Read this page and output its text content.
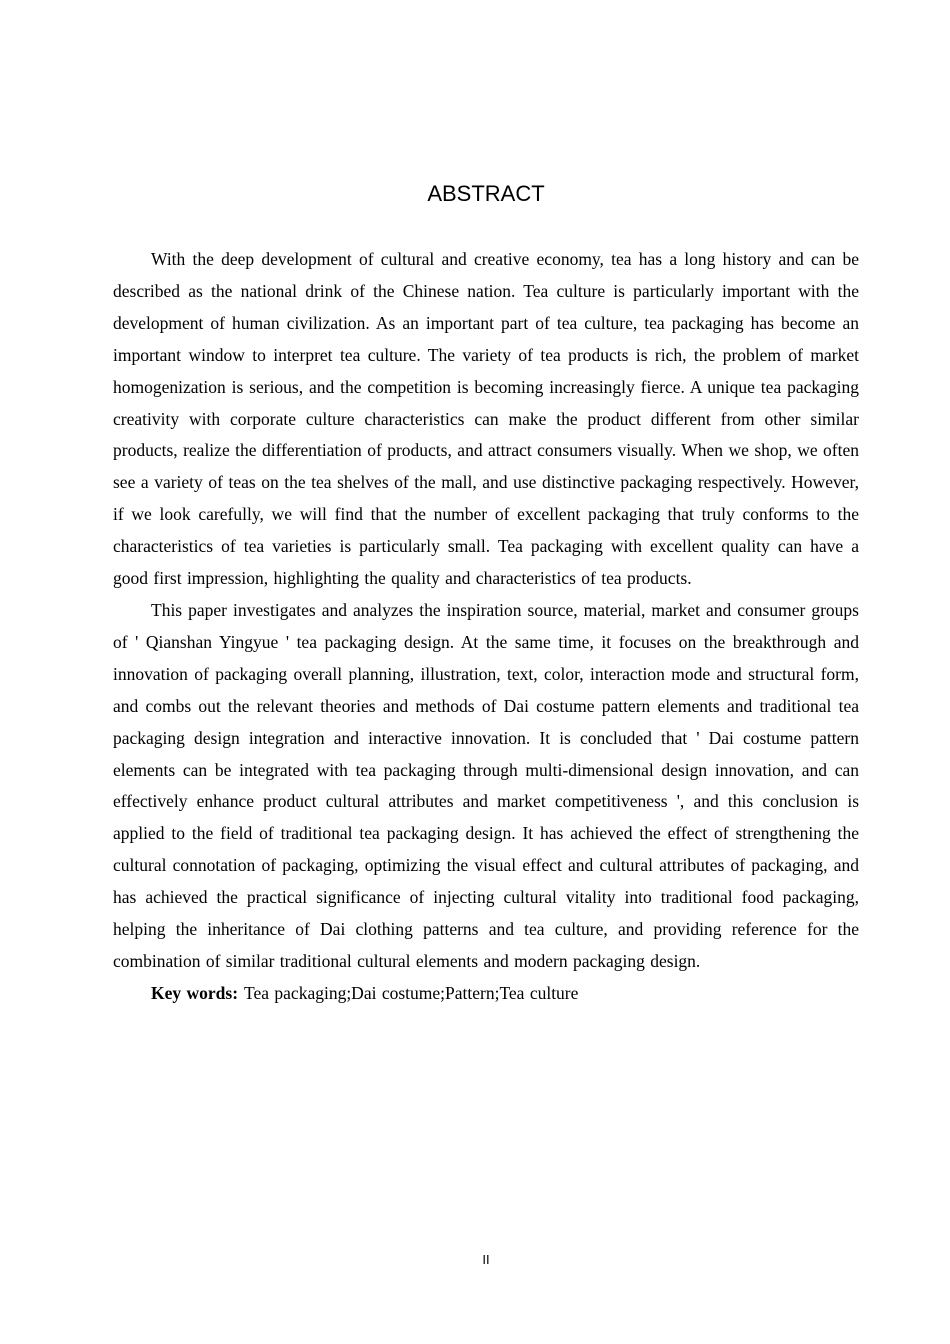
ABSTRACT

With the deep development of cultural and creative economy, tea has a long history and can be described as the national drink of the Chinese nation. Tea culture is particularly important with the development of human civilization. As an important part of tea culture, tea packaging has become an important window to interpret tea culture. The variety of tea products is rich, the problem of market homogenization is serious, and the competition is becoming increasingly fierce. A unique tea packaging creativity with corporate culture characteristics can make the product different from other similar products, realize the differentiation of products, and attract consumers visually. When we shop, we often see a variety of teas on the tea shelves of the mall, and use distinctive packaging respectively. However, if we look carefully, we will find that the number of excellent packaging that truly conforms to the characteristics of tea varieties is particularly small. Tea packaging with excellent quality can have a good first impression, highlighting the quality and characteristics of tea products.

This paper investigates and analyzes the inspiration source, material, market and consumer groups of ' Qianshan Yingyue ' tea packaging design. At the same time, it focuses on the breakthrough and innovation of packaging overall planning, illustration, text, color, interaction mode and structural form, and combs out the relevant theories and methods of Dai costume pattern elements and traditional tea packaging design integration and interactive innovation. It is concluded that ' Dai costume pattern elements can be integrated with tea packaging through multi-dimensional design innovation, and can effectively enhance product cultural attributes and market competitiveness ', and this conclusion is applied to the field of traditional tea packaging design. It has achieved the effect of strengthening the cultural connotation of packaging, optimizing the visual effect and cultural attributes of packaging, and has achieved the practical significance of injecting cultural vitality into traditional food packaging, helping the inheritance of Dai clothing patterns and tea culture, and providing reference for the combination of similar traditional cultural elements and modern packaging design.

Key words: Tea packaging;Dai costume;Pattern;Tea culture

II
